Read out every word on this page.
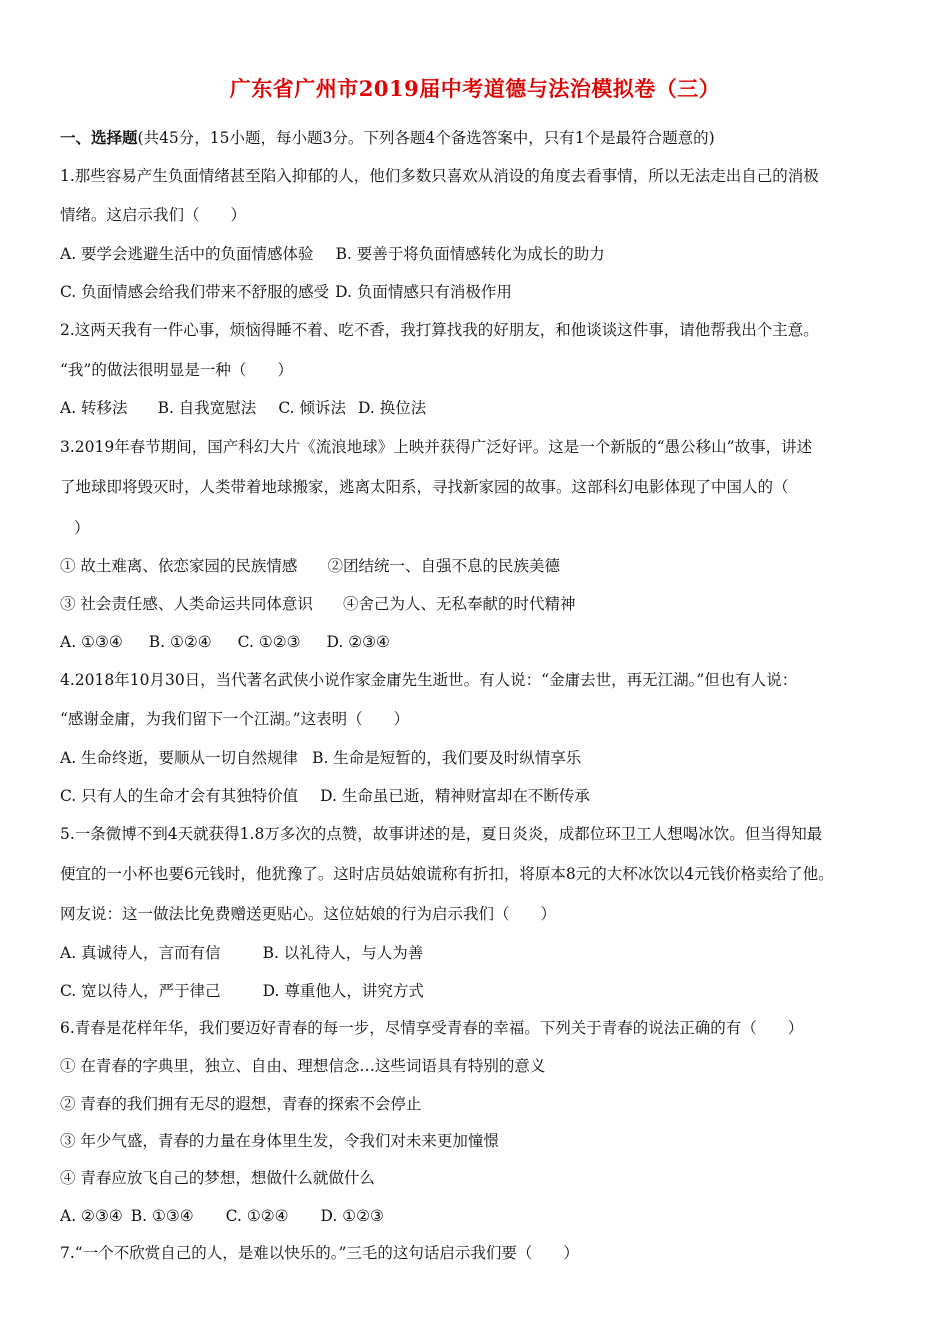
广东省广州市2019届中考道德与法治模拟卷（三）
一、选择题(共45分，15小题，每小题3分。下列各题4个备选答案中，只有1个是最符合题意的)
1.那些容易产生负面情绪甚至陷入抑郁的人，他们多数只喜欢从消设的角度去看事情，所以无法走出自己的消极
情绪。这启示我们（　　）
A. 要学会逃避生活中的负面情感体验 B. 要善于将负面情感转化为成长的助力
C. 负面情感会给我们带来不舒服的感受 D. 负面情感只有消极作用
2.这两天我有一件心事，烦恼得睡不着、吃不香，我打算找我的好朋友，和他谈谈这件事，请他帮我出个主意。
“我”的做法很明显是一种（　　）
A. 转移法 B. 自我宽慰法 C. 倾诉法 D. 换位法
3.2019年春节期间，国产科幻大片《流浪地球》上映并获得广泛好评。这是一个新版的“愚公移山”故事，讲述
了地球即将毁灭时，人类带着地球搬家，逃离太阳系，寻找新家园的故事。这部科幻电影体现了中国人的（
）
① 故土难离、依恋家园的民族情感 ②团结统一、自强不息的民族美德
③ 社会责任感、人类命运共同体意识 ④舍己为人、无私奉献的时代精神
A. ①③④ B. ①②④ C. ①②③ D. ②③④
4.2018年10月30日，当代著名武侠小说作家金庸先生逝世。有人说：“金庸去世，再无江湖。”但也有人说：
“感谢金庸，为我们留下一个江湖。”这表明（　　）
A. 生命终逝，要顺从一切自然规律 B. 生命是短暂的，我们要及时纵情享乐
C. 只有人的生命才会有其独特价值 D. 生命虽已逝，精神财富却在不断传承
5.一条微博不到4天就获得1.8万多次的点赞，故事讲述的是，夏日炎炎，成都位环卫工人想喝冰饮。但当得知最
便宜的一小杯也要6元钱时，他犹豫了。这时店员姑娘谎称有折扣，将原本8元的大杯冰饮以4元钱价格卖给了他。
网友说：这一做法比免费赠送更贴心。这位姑娘的行为启示我们（　　）
A. 真诚待人，言而有信	B. 以礼待人，与人为善
C. 宽以待人，严于律己	D. 尊重他人，讲究方式
6.青春是花样年华，我们要迈好青春的每一步，尽情享受青春的幸福。下列关于青春的说法正确的有（　　）
① 在青春的字典里，独立、自由、理想信念…这些词语具有特别的意义
② 青春的我们拥有无尽的遐想，青春的探索不会停止
③ 年少气盛，青春的力量在身体里生发，令我们对未来更加憧憬
④ 青春应放飞自己的梦想，想做什么就做什么
A. ②③④ B. ①③④ C. ①②④ D. ①②③
7.“一个不欣赏自己的人，是难以快乐的。”三毛的这句话启示我们要（　　）
